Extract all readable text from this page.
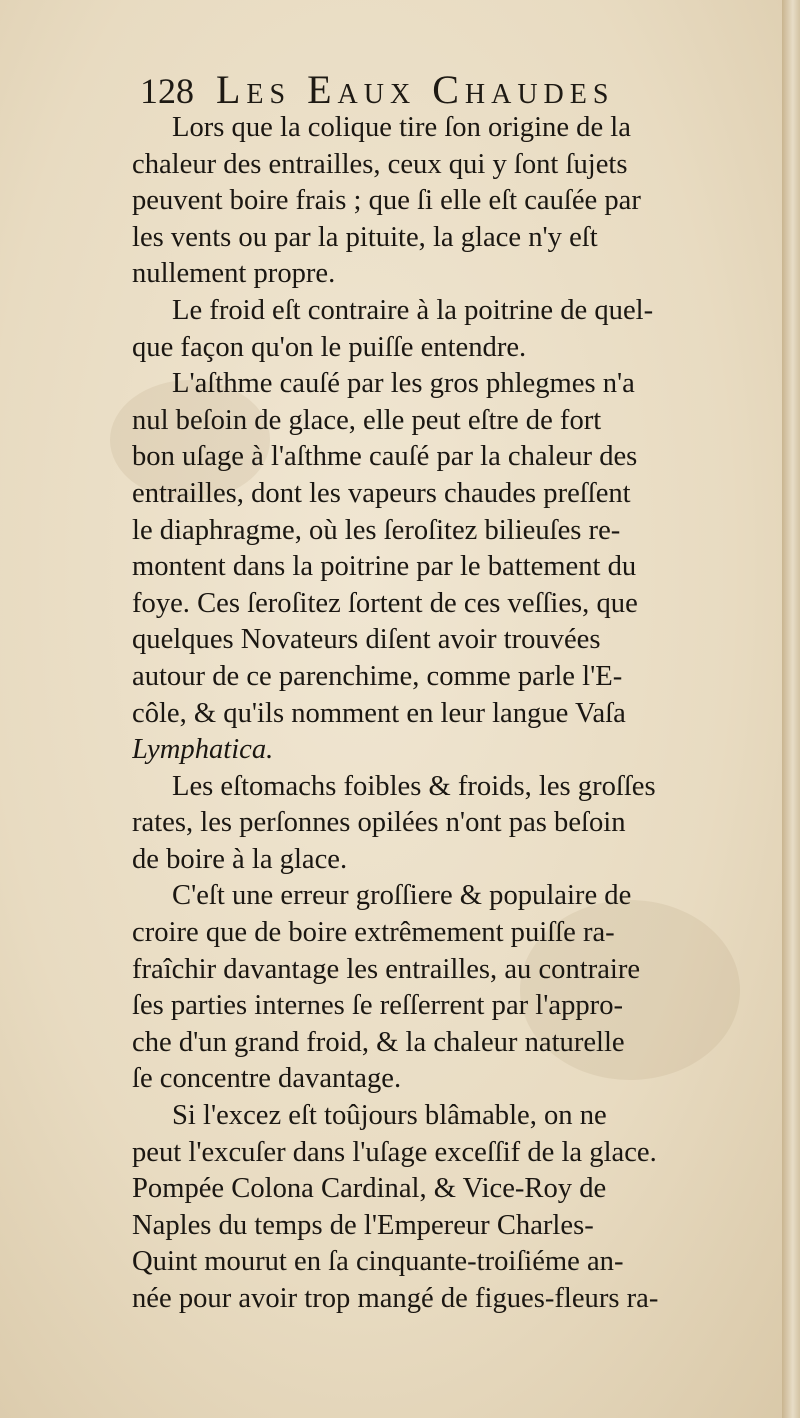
128 Les Eaux Chaudes
Lors que la colique tire ſon origine de la
chaleur des entrailles, ceux qui y ſont ſujets
peuvent boire frais ; que ſi elle eſt cauſée par
les vents ou par la pituite, la glace n'y eſt
nullement propre.
Le froid eſt contraire à la poitrine de quel-
que façon qu'on le puiſſe entendre.
L'aſthme cauſé par les gros phlegmes n'a
nul beſoin de glace, elle peut eſtre de fort
bon uſage à l'aſthme cauſé par la chaleur des
entrailles, dont les vapeurs chaudes preſſent
le diaphragme, où les ſeroſitez bilieuſes re-
montent dans la poitrine par le battement du
foye. Ces ſeroſitez ſortent de ces veſſies, que
quelques Novateurs diſent avoir trouvées
autour de ce parenchime, comme parle l'E-
côle, & qu'ils nomment en leur langue Vaſa
Lymphatica.
Les eſtomachs foibles & froids, les groſſes
rates, les perſonnes opilées n'ont pas beſoin
de boire à la glace.
C'eſt une erreur groſſiere & populaire de
croire que de boire extrêmement puiſſe ra-
fraîchir davantage les entrailles, au contraire
ſes parties internes ſe reſſerrent par l'appro-
che d'un grand froid, & la chaleur naturelle
ſe concentre davantage.
Si l'excez eſt toûjours blâmable, on ne
peut l'excuſer dans l'uſage exceſſif de la glace.
Pompée Colona Cardinal, & Vice-Roy de
Naples du temps de l'Empereur Charles-
Quint mourut en ſa cinquante-troiſiéme an-
née pour avoir trop mangé de figues-fleurs ra-
